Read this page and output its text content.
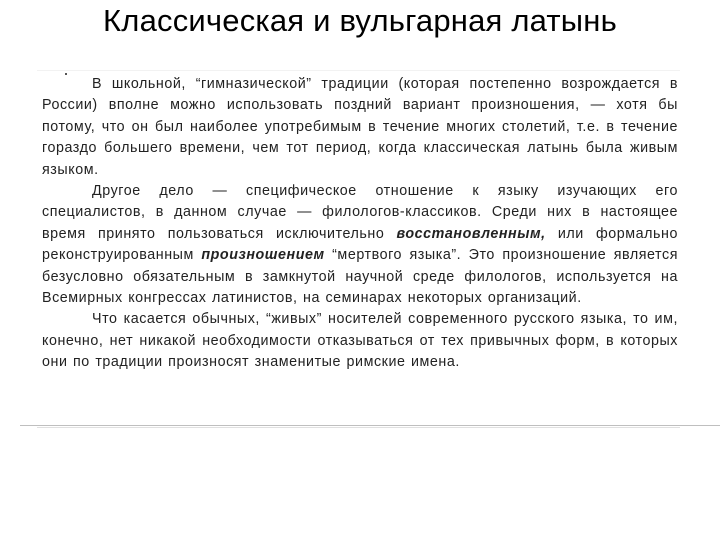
Классическая и вульгарная латынь

В школьной, “гимназической” традиции (которая постепенно возрождается в России) вполне можно использовать поздний вариант произношения, — хотя бы потому, что он был наиболее употребимым в течение многих столетий, т.е. в течение гораздо большего времени, чем тот период, когда классическая латынь была живым языком.

Другое дело — специфическое отношение к языку изучающих его специалистов, в данном случае — филологов-классиков. Среди них в настоящее время принято пользоваться исключительно восстановленным, или формально реконструированным произношением “мертвого языка”. Это произношение является безусловно обязательным в замкнутой научной среде филологов, используется на Всемирных конгрессах латинистов, на семинарах некоторых организаций.

Что касается обычных, “живых” носителей современного русского языка, то им, конечно, нет никакой необходимости отказываться от тех привычных форм, в которых они по традиции произносят знаменитые римские имена.
